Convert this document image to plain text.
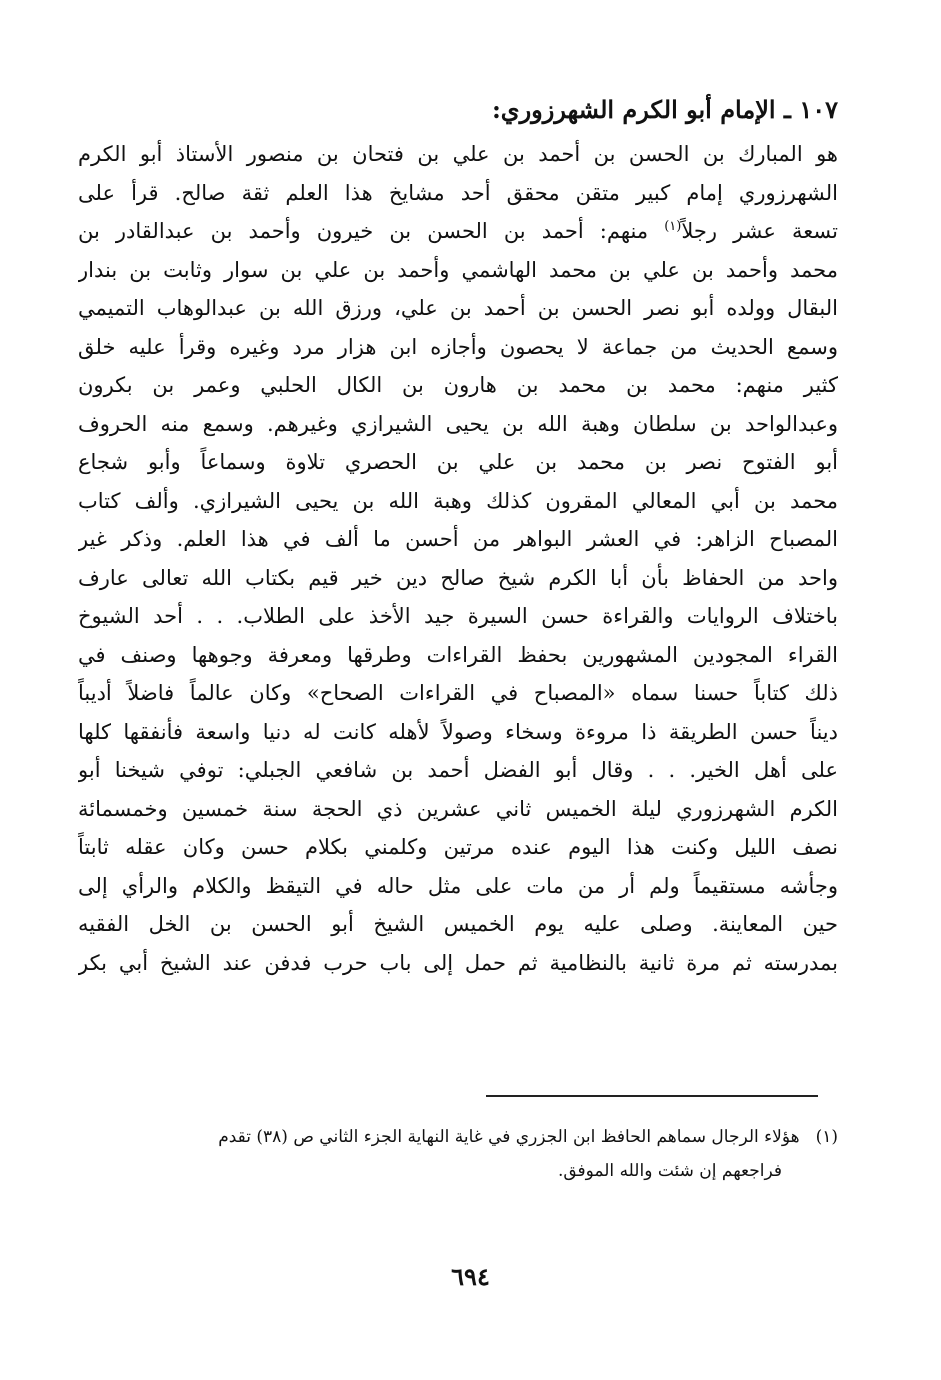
١٠٧ ـ الإمام أبو الكرم الشهرزوري:
هو المبارك بن الحسن بن أحمد بن علي بن فتحان بن منصور الأستاذ أبو الكرم
الشهرزوري إمام كبير متقن محقق أحد مشايخ هذا العلم ثقة صالح. قرأ على
تسعة عشر رجلاً$^{(١)}$ منهم: أحمد بن الحسن بن خيرون وأحمد بن عبدالقادر بن
محمد وأحمد بن علي بن محمد الهاشمي وأحمد بن علي بن سوار وثابت بن بندار
البقال وولده أبو نصر الحسن بن أحمد بن علي، ورزق الله بن عبدالوهاب التميمي
وسمع الحديث من جماعة لا يحصون وأجازه ابن هزار مرد وغيره وقرأ عليه خلق
كثير منهم: محمد بن محمد بن هارون بن الكال الحلبي وعمر بن بكرون
وعبدالواحد بن سلطان وهبة الله بن يحيى الشيرازي وغيرهم. وسمع منه الحروف
أبو الفتوح نصر بن محمد بن علي بن الحصري تلاوة وسماعاً وأبو شجاع
محمد بن أبي المعالي المقرون كذلك وهبة الله بن يحيى الشيرازي. وألف كتاب
المصباح الزاهر: في العشر البواهر من أحسن ما ألف في هذا العلم. وذكر غير
واحد من الحفاظ بأن أبا الكرم شيخ صالح دين خير قيم بكتاب الله تعالى عارف
باختلاف الروايات والقراءة حسن السيرة جيد الأخذ على الطلاب. . . أحد الشيوخ
القراء المجودين المشهورين بحفظ القراءات وطرقها ومعرفة وجوهها وصنف في
ذلك كتاباً حسنا سماه «المصباح في القراءات الصحاح» وكان عالماً فاضلاً أديباً
ديناً حسن الطريقة ذا مروءة وسخاء وصولاً لأهله كانت له دنيا واسعة فأنفقها كلها
على أهل الخير. . . وقال أبو الفضل أحمد بن شافعي الجبلي: توفي شيخنا أبو
الكرم الشهرزوري ليلة الخميس ثاني عشرين ذي الحجة سنة خمسين وخمسمائة
نصف الليل وكنت هذا اليوم عنده مرتين وكلمني بكلام حسن وكان عقله ثابتاً
وجأشه مستقيماً ولم أر من مات على مثل حاله في التيقظ والكلام والرأي إلى
حين المعاينة. وصلى عليه يوم الخميس الشيخ أبو الحسن بن الخل الفقيه
بمدرسته ثم مرة ثانية بالنظامية ثم حمل إلى باب حرب فدفن عند الشيخ أبي بكر
(١)هؤلاء الرجال سماهم الحافظ ابن الجزري في غاية النهاية الجزء الثاني ص (٣٨) تقدم
فراجعهم إن شئت والله الموفق.
٦٩٤
